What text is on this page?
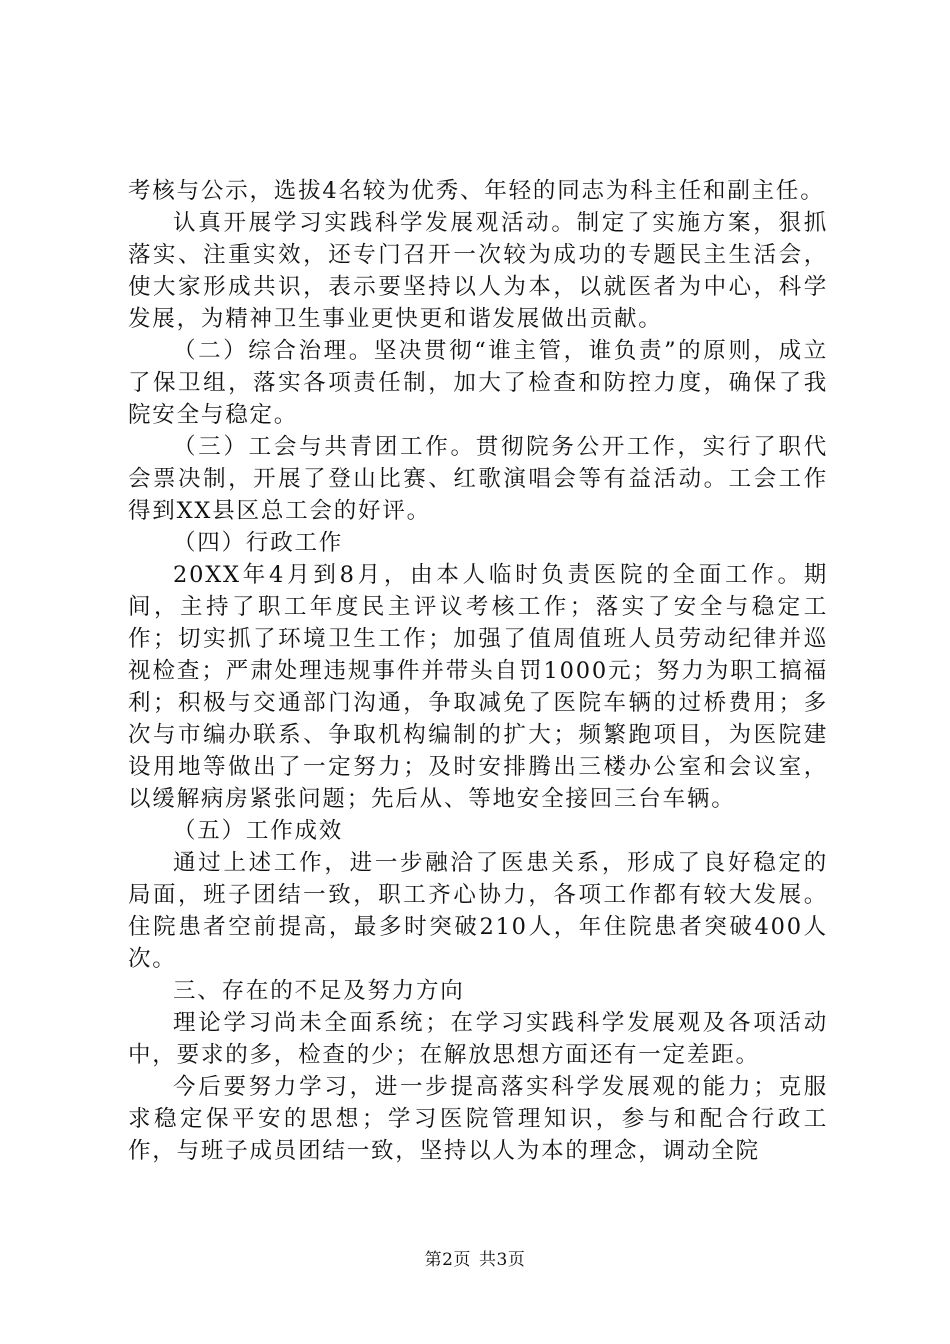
考核与公示，选拔4名较为优秀、年轻的同志为科主任和副主任。

认真开展学习实践科学发展观活动。制定了实施方案，狠抓落实、注重实效，还专门召开一次较为成功的专题民主生活会，使大家形成共识，表示要坚持以人为本，以就医者为中心，科学发展，为精神卫生事业更快更和谐发展做出贡献。

（二）综合治理。坚决贯彻“谁主管，谁负责”的原则，成立了保卫组，落实各项责任制，加大了检查和防控力度，确保了我院安全与稳定。

（三）工会与共青团工作。贯彻院务公开工作，实行了职代会票决制，开展了登山比赛、红歌演唱会等有益活动。工会工作得到XX县区总工会的好评。

（四）行政工作

20XX年4月到8月，由本人临时负责医院的全面工作。期间，主持了职工年度民主评议考核工作；落实了安全与稳定工作；切实抓了环境卫生工作；加强了值周值班人员劳动纪律并巡视检查；严肃处理违规事件并带头自罚1000元；努力为职工搞福利；积极与交通部门沟通，争取减免了医院车辆的过桥费用；多次与市编办联系、争取机构编制的扩大；频繁跑项目，为医院建设用地等做出了一定努力；及时安排腾出三楼办公室和会议室，以缓解病房紧张问题；先后从、等地安全接回三台车辆。

（五）工作成效

通过上述工作，进一步融洽了医患关系，形成了良好稳定的局面，班子团结一致，职工齐心协力，各项工作都有较大发展。住院患者空前提高，最多时突破210人，年住院患者突破400人次。

三、存在的不足及努力方向

理论学习尚未全面系统；在学习实践科学发展观及各项活动中，要求的多，检查的少；在解放思想方面还有一定差距。

今后要努力学习，进一步提高落实科学发展观的能力；克服求稳定保平安的思想；学习医院管理知识，参与和配合行政工作，与班子成员团结一致，坚持以人为本的理念，调动全院

第2页 共3页
